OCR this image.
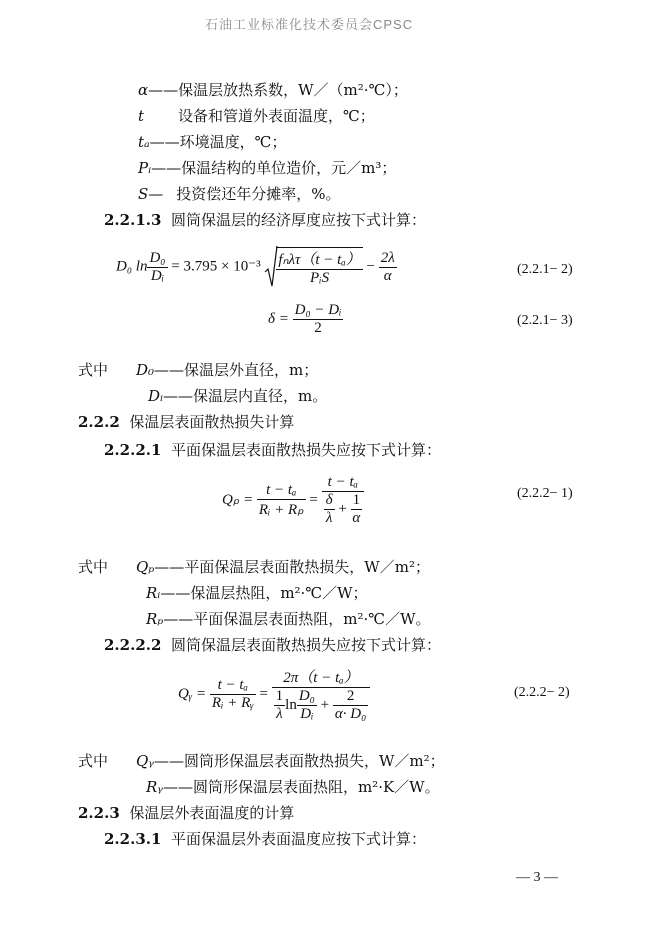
石油工业标准化技术委员会CPSC
α——保温层放热系数，W／（m²·℃）；
t 设备和管道外表面温度，℃；
tₐ——环境温度，℃；
Pᵢ——保温结构的单位造价，元／m³；
S— 投资偿还年分摊率，%。
2.2.1.3 圆筒保温层的经济厚度应按下式计算：
D₀ $\ln \frac{\text{D₀}}{\text{Dᵢ}} = 3.795 \times 10^{-3} \frac{\text{fₙλτ（t − tₐ）}}{\text{PᵢS}} - \frac{2\lambda}{\alpha}$	(2.2.1− 2)
$\delta = \frac{\text{D₀ − Dᵢ}}{2}$	(2.2.1− 3)
式中 D₀——保温层外直径，m；
Dᵢ——保温层内直径，m。
2.2.2 保温层表面散热损失计算
2.2.2.1 平面保温层表面散热损失应按下式计算：
$Q_p = \frac{\text{t − tₐ}}{\text{Rᵢ + Rₚ}} = \frac{\text{t − tₐ}}{\frac{\delta}{\lambda} + \frac{1}{\alpha}}$	(2.2.2− 1)
式中 Qₚ——平面保温层表面散热损失，W／m²；
Rᵢ——保温层热阻，m²·℃／W；
Rₚ——平面保温层表面热阻，m²·℃／W。
2.2.2.2 圆筒保温层表面散热损失应按下式计算：
Qᵧ = $\frac{\text{t − tₐ}}{\text{Rᵢ + Rᵧ}} = \frac{\text{2π（t − tₐ）}}{\frac{1}{\lambda}\ln \frac{\text{D₀}}{\text{Dᵢ}} + \frac{2}{\text{α· D₀}}}$	(2.2.2− 2)
式中 Qᵧ——圆筒形保温层表面散热损失，W／m²；
Rᵧ——圆筒形保温层表面热阻，m²·K／W。
2.2.3 保温层外表面温度的计算
2.2.3.1 平面保温层外表面温度应按下式计算：
— 3 —
